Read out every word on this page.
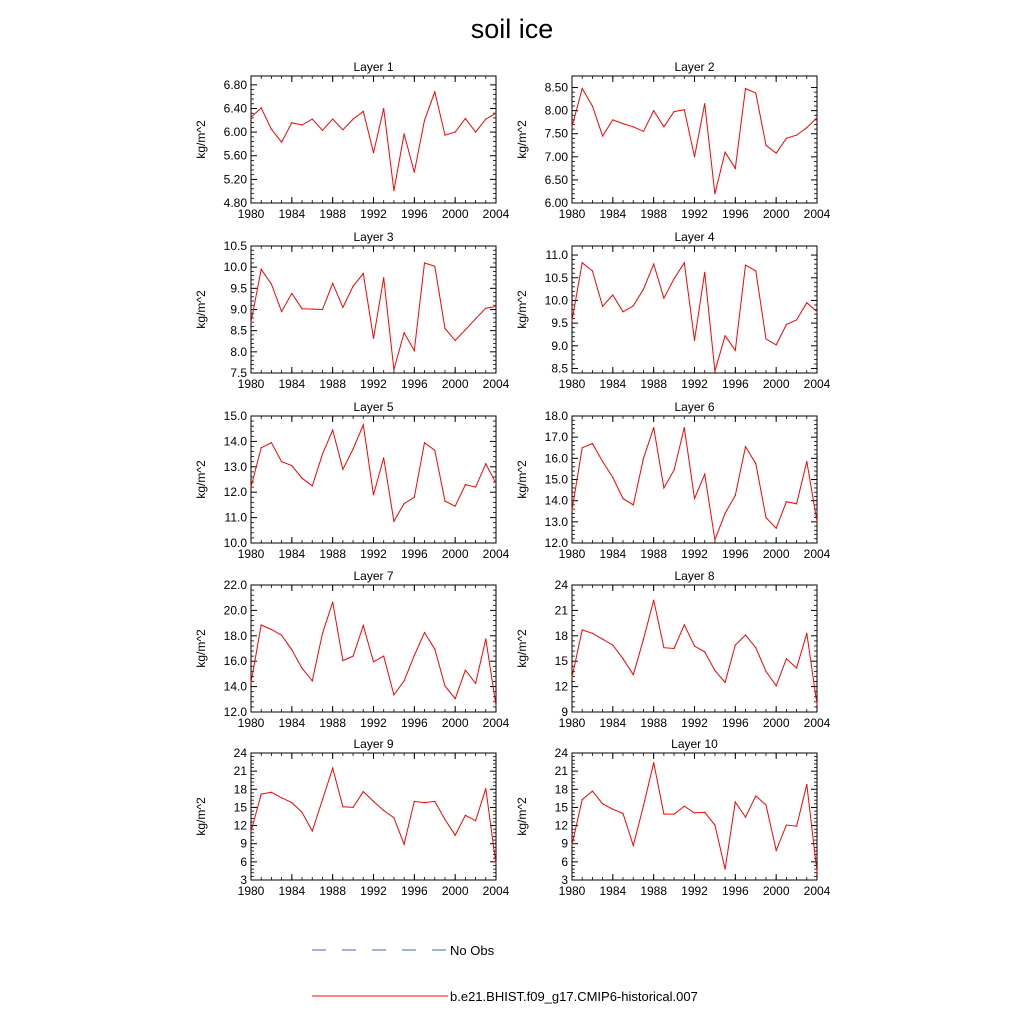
soil ice
1980 1984 1988 1992 1996 2000 2004
4.80
5.20
5.60
6.00
6.40
6.80
Layer 1
kg/m^2
1980 1984 1988 1992 1996 2000 2004
6.00
6.50
7.00
7.50
8.00
8.50
Layer 2
kg/m^2
1980 1984 1988 1992 1996 2000 2004
7.5
8.0
8.5
9.0
9.5
10.0
10.5
Layer 3
kg/m^2
1980 1984 1988 1992 1996 2000 2004
8.5
9.0
9.5
10.0
10.5
11.0
Layer 4
kg/m^2
1980 1984 1988 1992 1996 2000 2004
10.0
11.0
12.0
13.0
14.0
15.0
Layer 5
kg/m^2
1980 1984 1988 1992 1996 2000 2004
12.0
13.0
14.0
15.0
16.0
17.0
18.0
Layer 6
kg/m^2
1980 1984 1988 1992 1996 2000 2004
12.0
14.0
16.0
18.0
20.0
22.0
Layer 7
kg/m^2
1980 1984 1988 1992 1996 2000 2004
9
12
15
18
21
24
Layer 8
kg/m^2
1980 1984 1988 1992 1996 2000 2004
3
6
9
12
15
18
21
24
Layer 9
kg/m^2
1980 1984 1988 1992 1996 2000 2004
3
6
9
12
15
18
21
24
Layer 10
kg/m^2
No Obs
b.e21.BHIST.f09_g17.CMIP6-historical.007
